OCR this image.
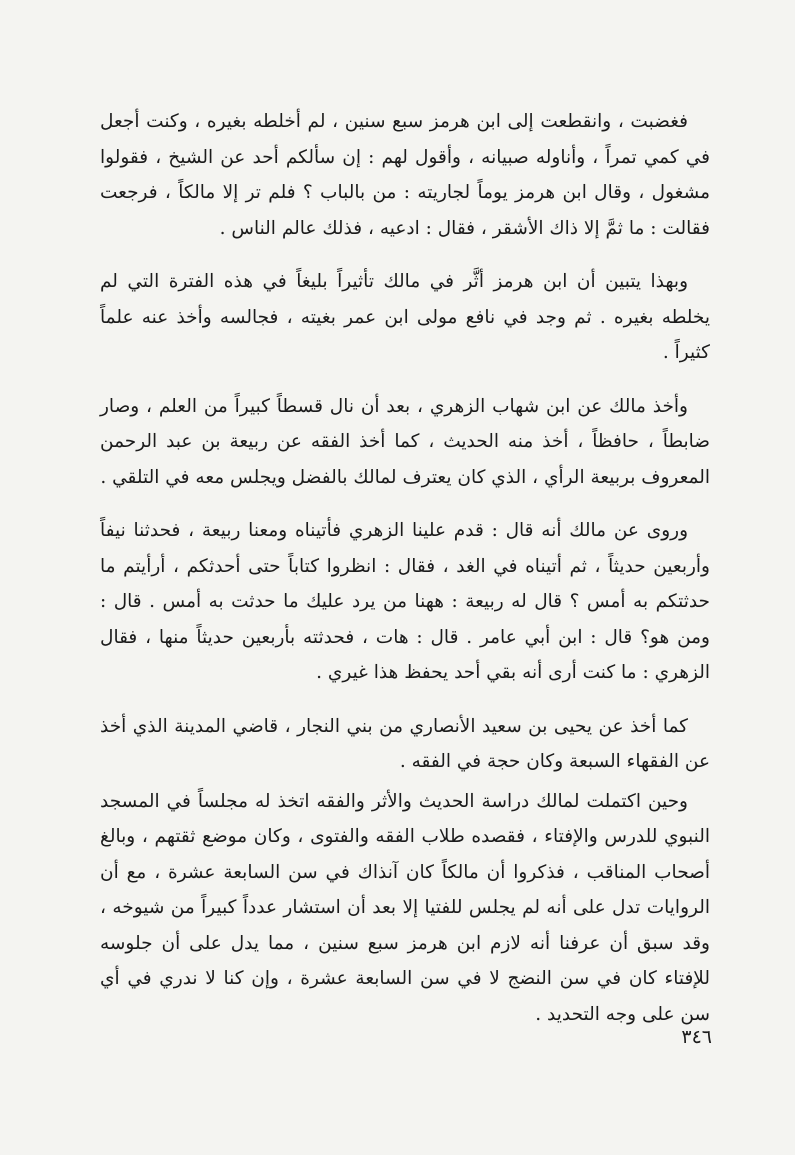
فغضبت ، وانقطعت إلى ابن هرمز سبع سنين ، لم أخلطه بغيره ، وكنت أجعل في كمي تمراً ، وأناوله صبيانه ، وأقول لهم : إن سألكم أحد عن الشيخ ، فقولوا مشغول ، وقال ابن هرمز يوماً لجاريته : من بالباب ؟ فلم تر إلا مالكاً ، فرجعت فقالت : ما ثمَّ إلا ذاك الأشقر ، فقال : ادعيه ، فذلك عالم الناس .

وبهذا يتبين أن ابن هرمز أثَّر في مالك تأثيراً بليغاً في هذه الفترة التي لم يخلطه بغيره . ثم وجد في نافع مولى ابن عمر بغيته ، فجالسه وأخذ عنه علماً كثيراً .

وأخذ مالك عن ابن شهاب الزهري ، بعد أن نال قسطاً كبيراً من العلم ، وصار ضابطاً ، حافظاً ، أخذ منه الحديث ، كما أخذ الفقه عن ربيعة بن عبد الرحمن المعروف بربيعة الرأي ، الذي كان يعترف لمالك بالفضل ويجلس معه في التلقي .

وروى عن مالك أنه قال : قدم علينا الزهري فأتيناه ومعنا ربيعة ، فحدثنا نيفاً وأربعين حديثاً ، ثم أتيناه في الغد ، فقال : انظروا كتاباً حتى أحدثكم ، أرأيتم ما حدثتكم به أمس ؟ قال له ربيعة : ههنا من يرد عليك ما حدثت به أمس . قال : ومن هو؟ قال : ابن أبي عامر . قال : هات ، فحدثته بأربعين حديثاً منها ، فقال الزهري : ما كنت أرى أنه بقي أحد يحفظ هذا غيري .

كما أخذ عن يحيى بن سعيد الأنصاري من بني النجار ، قاضي المدينة الذي أخذ عن الفقهاء السبعة وكان حجة في الفقه .

وحين اكتملت لمالك دراسة الحديث والأثر والفقه اتخذ له مجلساً في المسجد النبوي للدرس والإفتاء ، فقصده طلاب الفقه والفتوى ، وكان موضع ثقتهم ، وبالغ أصحاب المناقب ، فذكروا أن مالكاً كان آنذاك في سن السابعة عشرة ، مع أن الروايات تدل على أنه لم يجلس للفتيا إلا بعد أن استشار عدداً كبيراً من شيوخه ، وقد سبق أن عرفنا أنه لازم ابن هرمز سبع سنين ، مما يدل على أن جلوسه للإفتاء كان في سن النضج لا في سن السابعة عشرة ، وإن كنا لا ندري في أي سن على وجه التحديد .

٣٤٦
